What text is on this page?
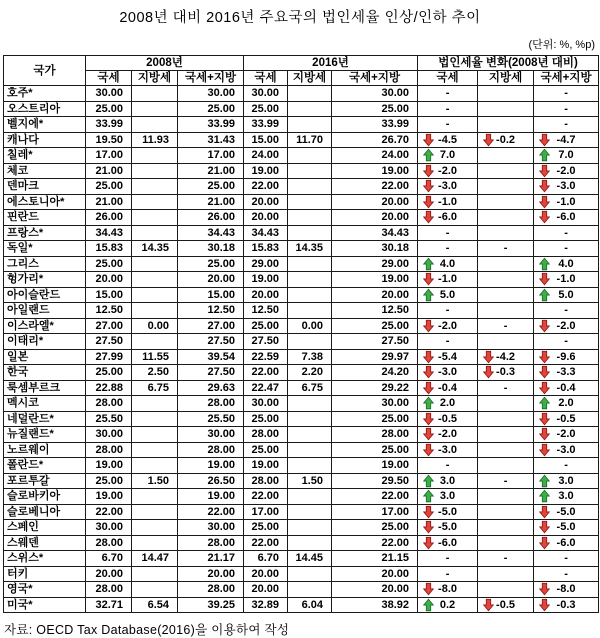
2008년 대비 2016년 주요국의 법인세율 인상/인하 추이
(단위: %, %p)
국가	2008년			2016년			법인세율 변화(2008년 대비)		
	국세	지방세	국세+지방	국세	지방세	국세+지방	국세	지방세	국세+지방
호주*	30.00		30.00	30.00		30.00	-		-
오스트리아	25.00		25.00	25.00		25.00	-		-
벨지에*	33.99		33.99	33.99		33.99	-		-
캐나다	19.50	11.93	31.43	15.00	11.70	26.70	-4.5	-0.2	-4.7
칠레*	17.00		17.00	24.00		24.00	7.0		7.0
체코	21.00		21.00	19.00		19.00	-2.0		-2.0
덴마크	25.00		25.00	22.00		22.00	-3.0		-3.0
에스토니아*	21.00		21.00	20.00		20.00	-1.0		-1.0
핀란드	26.00		26.00	20.00		20.00	-6.0		-6.0
프랑스*	34.43		34.43	34.43		34.43	-		-
독일*	15.83	14.35	30.18	15.83	14.35	30.18	-	-	-
그리스	25.00		25.00	29.00		29.00	4.0		4.0
헝가리*	20.00		20.00	19.00		19.00	-1.0		-1.0
아이슬란드	15.00		15.00	20.00		20.00	5.0		5.0
아일랜드	12.50		12.50	12.50		12.50	-		-
이스라엘*	27.00	0.00	27.00	25.00	0.00	25.00	-2.0	-	-2.0
이태리*	27.50		27.50	27.50		27.50	-		-
일본	27.99	11.55	39.54	22.59	7.38	29.97	-5.4	-4.2	-9.6
한국	25.00	2.50	27.50	22.00	2.20	24.20	-3.0	-0.3	-3.3
룩셈부르크	22.88	6.75	29.63	22.47	6.75	29.22	-0.4	-	-0.4
멕시코	28.00		28.00	30.00		30.00	2.0		2.0
네덜란드*	25.50		25.50	25.00		25.00	-0.5		-0.5
뉴질랜드*	30.00		30.00	28.00		28.00	-2.0		-2.0
노르웨이	28.00		28.00	25.00		25.00	-3.0		-3.0
폴란드*	19.00		19.00	19.00		19.00	-		-
포르투갈	25.00	1.50	26.50	28.00	1.50	29.50	3.0	-	3.0
슬로바키아	19.00		19.00	22.00		22.00	3.0		3.0
슬로베니아	22.00		22.00	17.00		17.00	-5.0		-5.0
스페인	30.00		30.00	25.00		25.00	-5.0		-5.0
스웨덴	28.00		28.00	22.00		22.00	-6.0		-6.0
스위스*	6.70	14.47	21.17	6.70	14.45	21.15	-	-	-
터키	20.00		20.00	20.00		20.00	-		-
영국*	28.00		28.00	20.00		20.00	-8.0		-8.0
미국*	32.71	6.54	39.25	32.89	6.04	38.92	0.2	-0.5	-0.3
자료: OECD Tax Database(2016)을 이용하여 작성
